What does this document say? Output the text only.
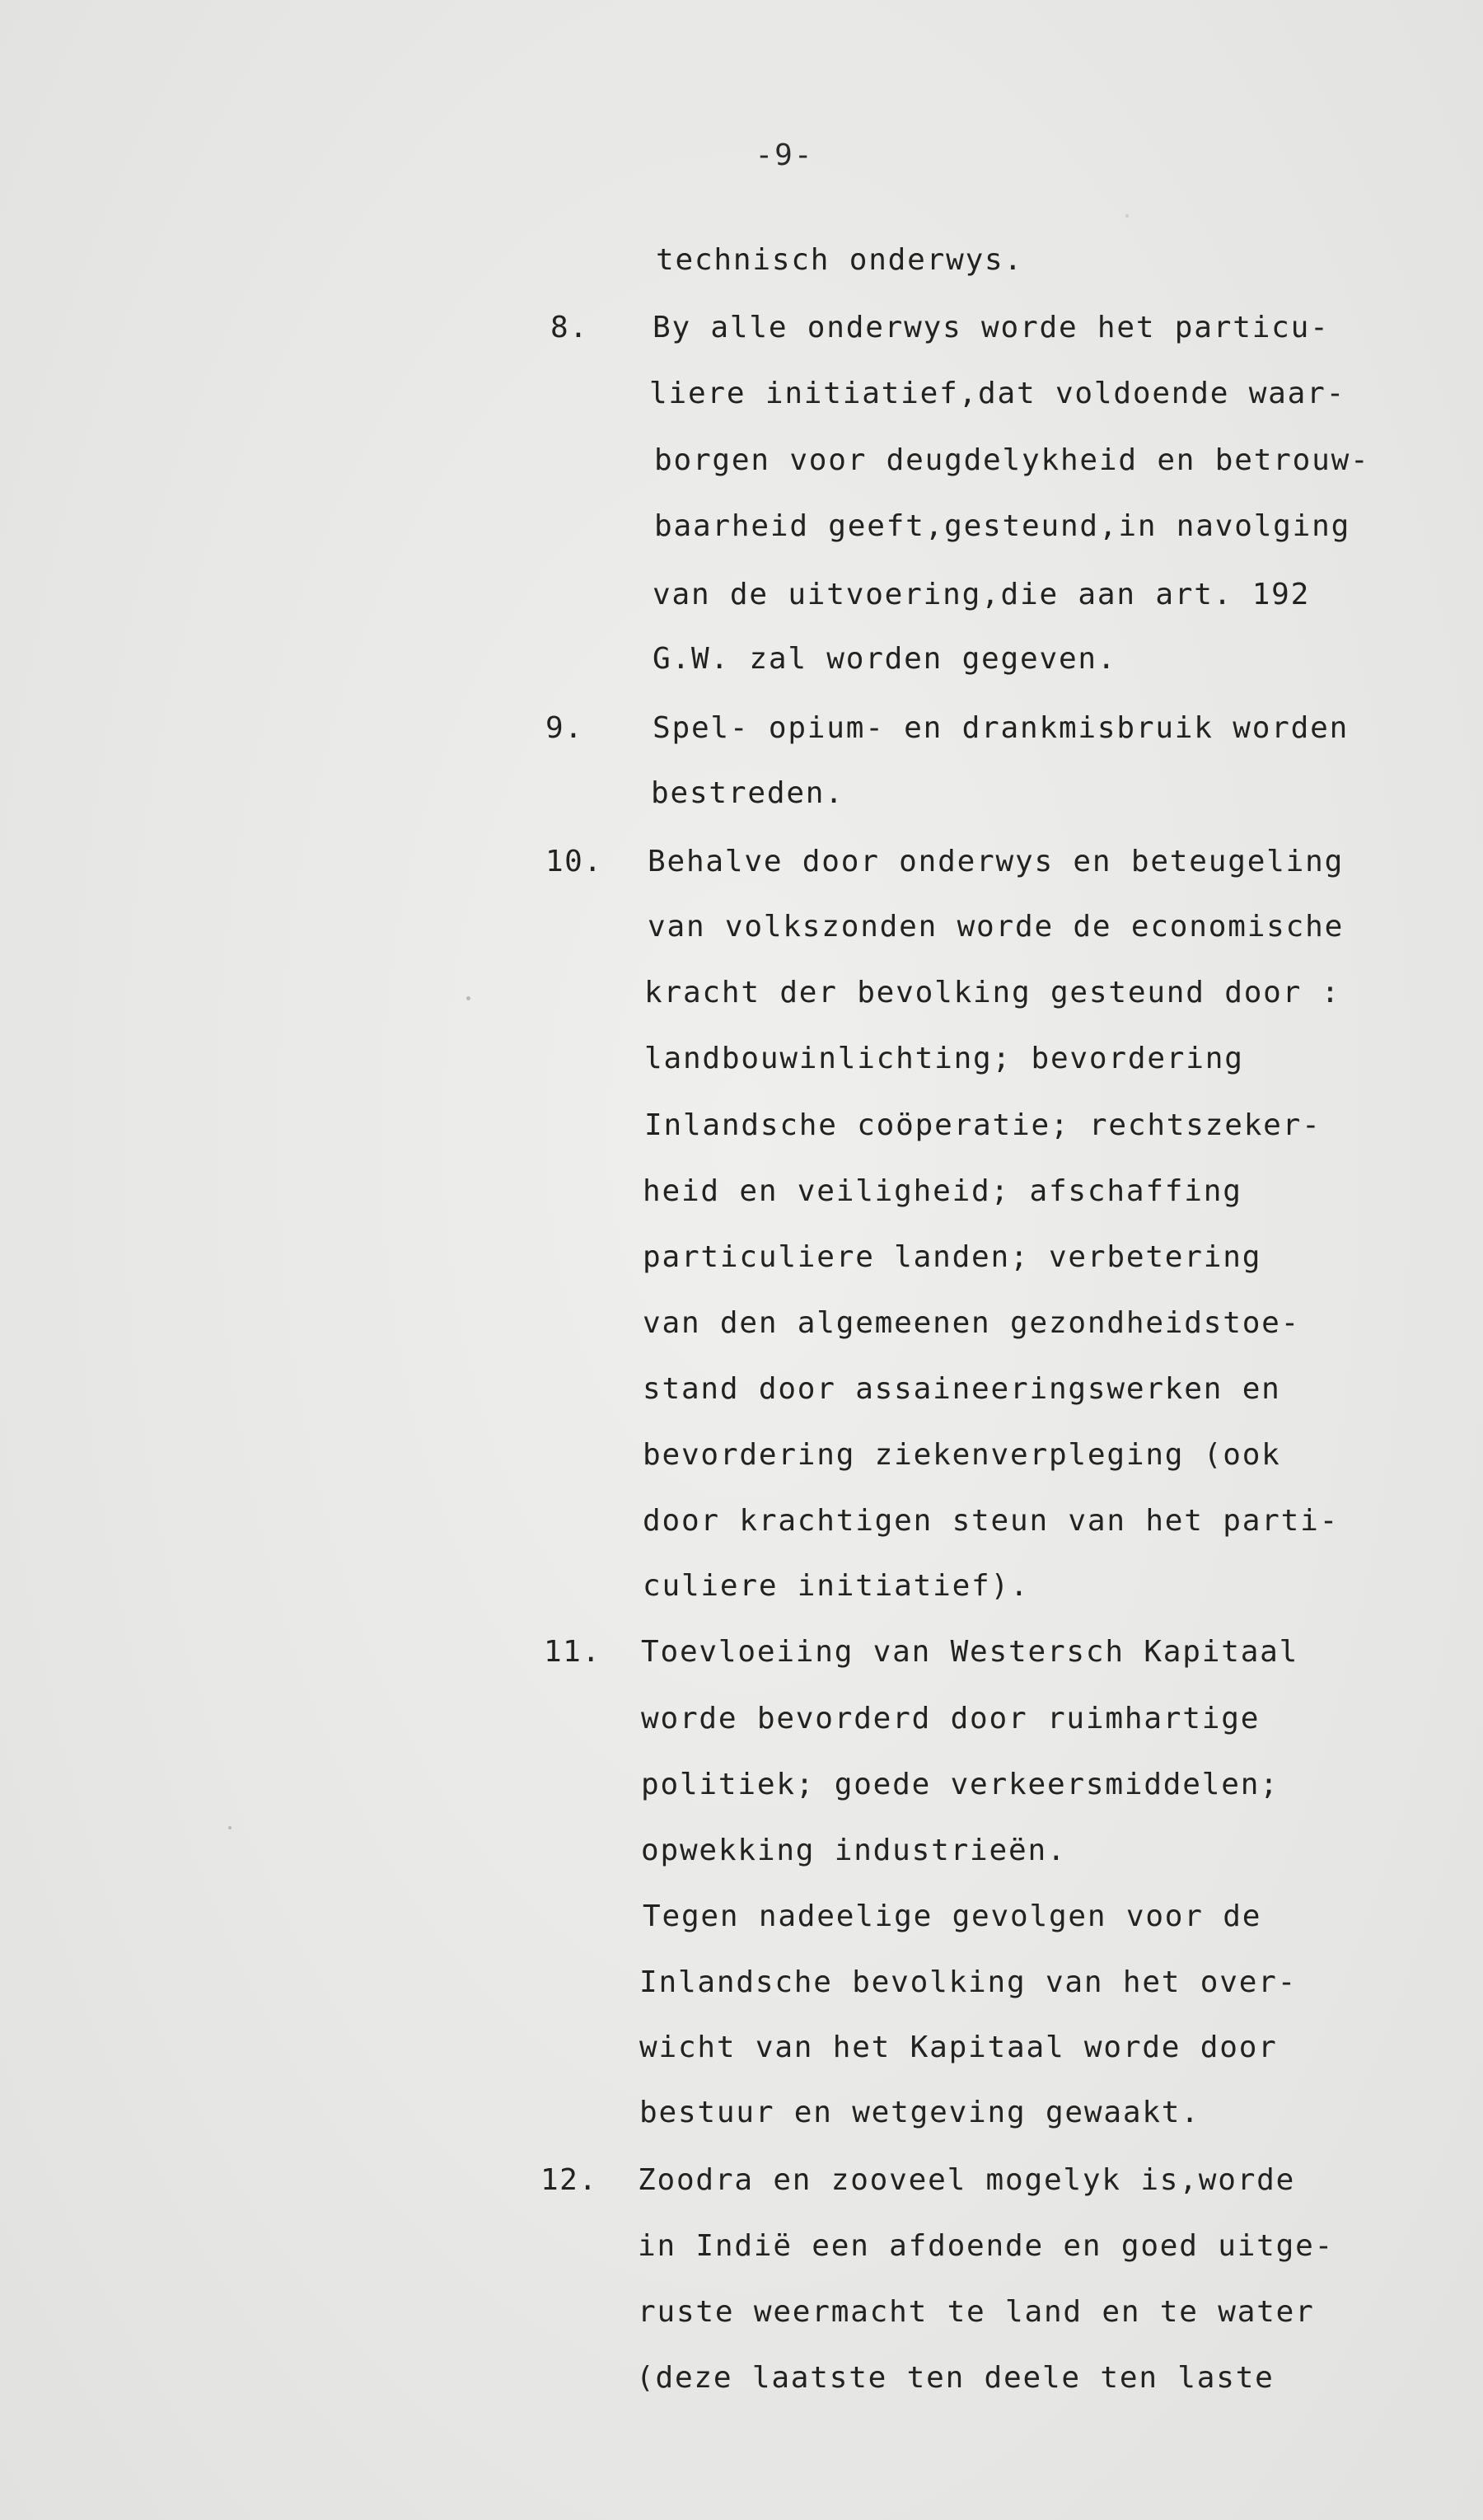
-9-
technisch onderwys.
8. By alle onderwys worde het particu-
liere initiatief,dat voldoende waar-
borgen voor deugdelykheid en betrouw-
baarheid geeft,gesteund,in navolging
van de uitvoering,die aan art. 192
G.W. zal worden gegeven.
9. Spel- opium- en drankmisbruik worden
bestreden.
10. Behalve door onderwys en beteugeling
van volkszonden worde de economische
kracht der bevolking gesteund door :
landbouwinlichting; bevordering
Inlandsche coöperatie; rechtszeker-
heid en veiligheid; afschaffing
particuliere landen; verbetering
van den algemeenen gezondheidstoe-
stand door assaineeringswerken en
bevordering ziekenverpleging (ook
door krachtigen steun van het parti-
culiere initiatief).
11. Toevloeiing van Westersch Kapitaal
worde bevorderd door ruimhartige
politiek; goede verkeersmiddelen;
opwekking industrieën.
Tegen nadeelige gevolgen voor de
Inlandsche bevolking van het over-
wicht van het Kapitaal worde door
bestuur en wetgeving gewaakt.
12. Zoodra en zooveel mogelyk is,worde
in Indië een afdoende en goed uitge-
ruste weermacht te land en te water
(deze laatste ten deele ten laste
